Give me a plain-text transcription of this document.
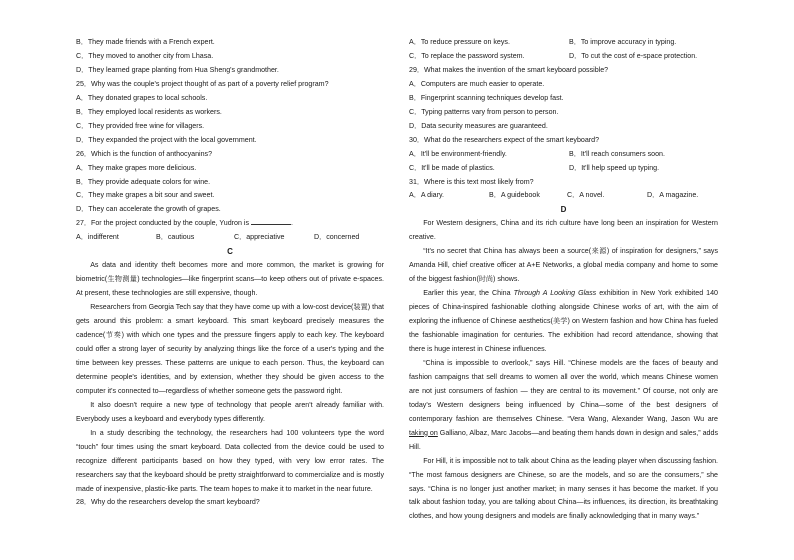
B．They made friends with a French expert.
C．They moved to another city from Lhasa.
D．They learned grape planting from Hua Sheng's grandmother.
25．Why was the couple's project thought of as part of a poverty relief program?
A．They donated grapes to local schools.
B．They employed local residents as workers.
C．They provided free wine for villagers.
D．They expanded the project with the local government.
26．Which is the function of anthocyanins?
A．They make grapes more delicious.
B．They provide adequate colors for wine.
C．They make grapes a bit sour and sweet.
D．They can accelerate the growth of grapes.
27．For the project conducted by the couple, Yudron is	.
A．indifferent	B．cautious	C．appreciative	D．concerned
C

As data and identity theft becomes more and more common, the market is growing for biometric(生物测量) technologies—like fingerprint scans—to keep others out of private e-spaces. At present, these technologies are still expensive, though.

Researchers from Georgia Tech say that they have come up with a low-cost device(装置) that gets around this problem: a smart keyboard. This smart keyboard precisely measures the cadence(节奏) with which one types and the pressure fingers apply to each key. The keyboard could offer a strong layer of security by analyzing things like the force of a user's typing and the time between key presses. These patterns are unique to each person. Thus, the keyboard can determine people's identities, and by extension, whether they should be given access to the computer it's connected to—regardless of whether someone gets the password right.

It also doesn't require a new type of technology that people aren't already familiar with. Everybody uses a keyboard and everybody types differently.

In a study describing the technology, the researchers had 100 volunteers type the word “touch” four times using the smart keyboard. Data collected from the device could be used to recognize different participants based on how they typed, with very low error rates. The researchers say that the keyboard should be pretty straightforward to commercialize and is mostly made of inexpensive, plastic-like parts. The team hopes to make it to market in the near future.

28．Why do the researchers develop the smart keyboard?
A．To reduce pressure on keys.	B．To improve accuracy in typing.
C．To replace the password system.	D．To cut the cost of e-space protection.
29．What makes the invention of the smart keyboard possible?
A．Computers are much easier to operate.
B．Fingerprint scanning techniques develop fast.
C．Typing patterns vary from person to person.
D．Data security measures are guaranteed.
30．What do the researchers expect of the smart keyboard?
A．It'll be environment-friendly.	B．It'll reach consumers soon.
C．It'll be made of plastics.	D．It'll help speed up typing.
31．Where is this text most likely from?
A．A diary.	B．A guidebook	C．A novel.	D．A magazine.
D

For Western designers, China and its rich culture have long been an inspiration for Western creative.

“It's no secret that China has always been a source(来源) of inspiration for designers,” says Amanda Hill, chief creative officer at A+E Networks, a global media company and home to some of the biggest fashion(时尚) shows.

Earlier this year, the China Through A Looking Glass exhibition in New York exhibited 140 pieces of China-inspired fashionable clothing alongside Chinese works of art, with the aim of exploring the influence of Chinese aesthetics(美学) on Western fashion and how China has fueled the fashionable imagination for centuries. The exhibition had record attendance, showing that there is huge interest in Chinese influences.

“China is impossible to overlook,” says Hill. “Chinese models are the faces of beauty and fashion campaigns that sell dreams to women all over the world, which means Chinese women are not just consumers of fashion — they are central to its movement.” Of course, not only are today's Western designers being influenced by China—some of the best designers of contemporary fashion are themselves Chinese. “Vera Wang, Alexander Wang, Jason Wu are taking on Galliano, Albaz, Marc Jacobs—and beating them hands down in design and sales,” adds Hill.

For Hill, it is impossible not to talk about China as the leading player when discussing fashion. “The most famous designers are Chinese, so are the models, and so are the consumers,” she says. “China is no longer just another market; in many senses it has become the market. If you talk about fashion today, you are talking about China—its influences, its direction, its breathtaking clothes, and how young designers and models are finally acknowledging that in many ways.”
